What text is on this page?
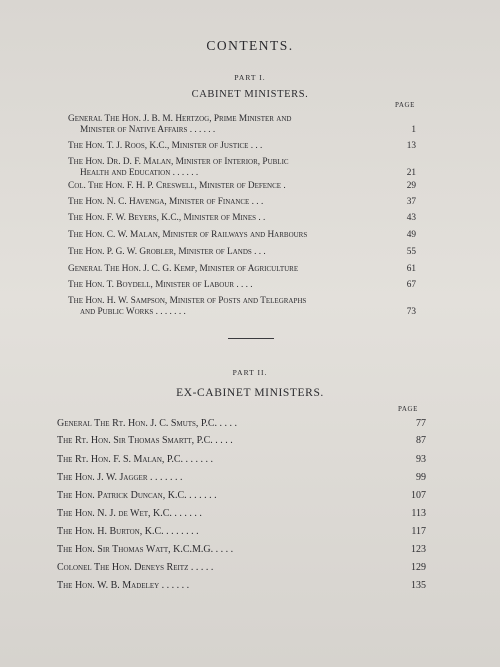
CONTENTS.
PART I.
CABINET MINISTERS.
PAGE
General The Hon. J. B. M. Hertzog, Prime Minister and
Minister of Native Affairs . . . . . .	1
The Hon. T. J. Roos, K.C., Minister of Justice . . .	13
The Hon. Dr. D. F. Malan, Minister of Interior, Public
Health and Education . . . . . .	21
Col. The Hon. F. H. P. Creswell, Minister of Defence .	29
The Hon. N. C. Havenga, Minister of Finance . . .	37
The Hon. F. W. Beyers, K.C., Minister of Mines . .	43
The Hon. C. W. Malan, Minister of Railways and Harbours	49
The Hon. P. G. W. Grobler, Minister of Lands . . .	55
General The Hon. J. C. G. Kemp, Minister of Agriculture	61
The Hon. T. Boydell, Minister of Labour . . . .	67
The Hon. H. W. Sampson, Minister of Posts and Telegraphs
and Public Works . . . . . . .	73
PART II.
EX-CABINET MINISTERS.
PAGE
General The Rt. Hon. J. C. Smuts, P.C. . . . .	77
The Rt. Hon. Sir Thomas Smartt, P.C. . . . .	87
The Rt. Hon. F. S. Malan, P.C. . . . . . .	93
The Hon. J. W. Jagger . . . . . . .	99
The Hon. Patrick Duncan, K.C. . . . . . .	107
The Hon. N. J. de Wet, K.C. . . . . . .	113
The Hon. H. Burton, K.C. . . . . . . .	117
The Hon. Sir Thomas Watt, K.C.M.G. . . . .	123
Colonel The Hon. Deneys Reitz . . . . .	129
The Hon. W. B. Madeley . . . . . .	135
